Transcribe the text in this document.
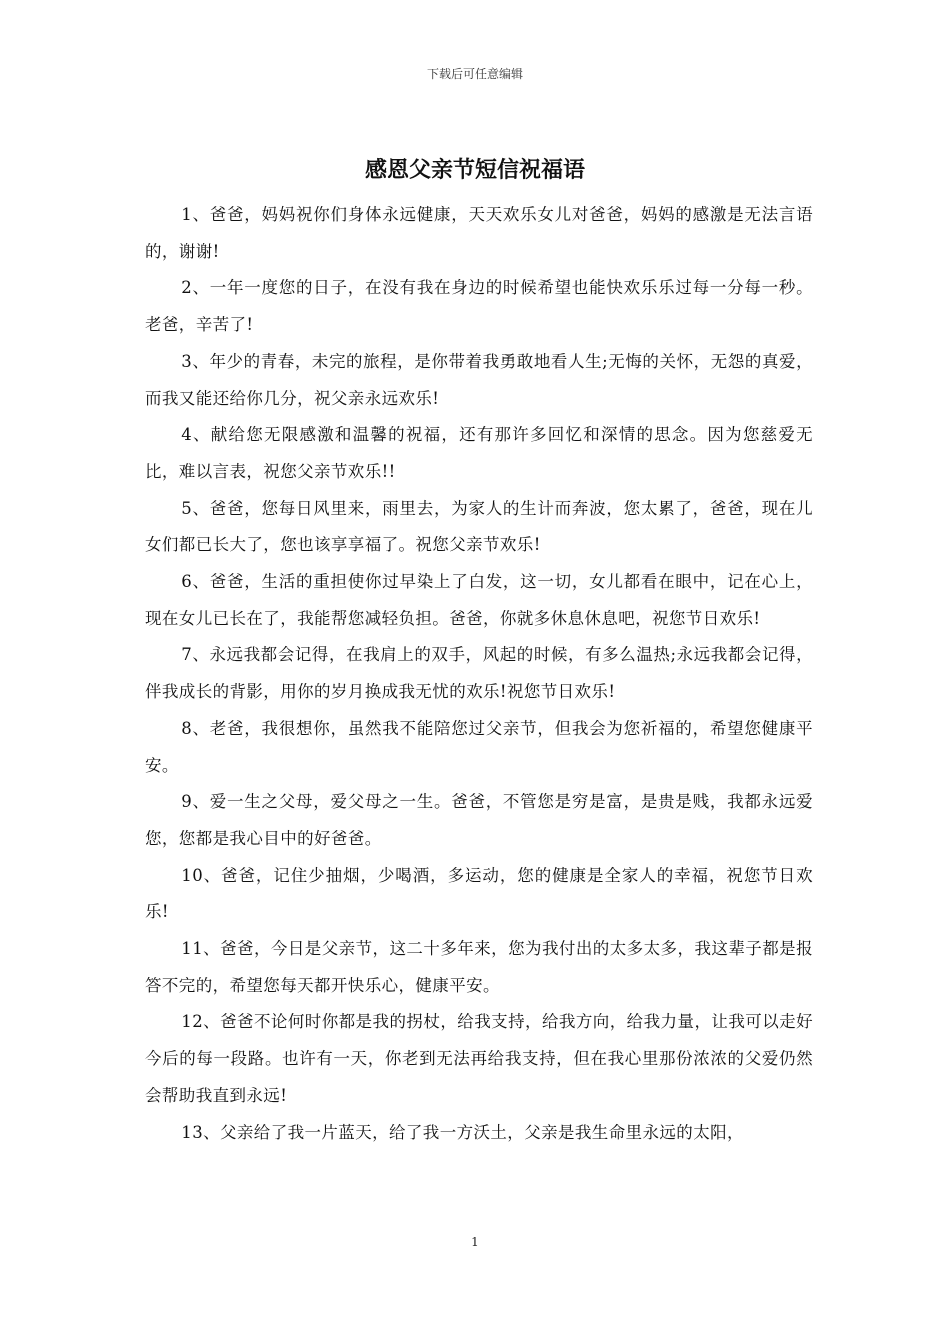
下载后可任意编辑
感恩父亲节短信祝福语

1、爸爸，妈妈祝你们身体永远健康，天天欢乐女儿对爸爸，妈妈的感激是无法言语的，谢谢!

2、一年一度您的日子，在没有我在身边的时候希望也能快欢乐乐过每一分每一秒。老爸，辛苦了!

3、年少的青春，未完的旅程，是你带着我勇敢地看人生;无悔的关怀，无怨的真爱，而我又能还给你几分，祝父亲永远欢乐!

4、献给您无限感激和温馨的祝福，还有那许多回忆和深情的思念。因为您慈爱无比，难以言表，祝您父亲节欢乐!!

5、爸爸，您每日风里来，雨里去，为家人的生计而奔波，您太累了，爸爸，现在儿女们都已长大了，您也该享享福了。祝您父亲节欢乐!

6、爸爸，生活的重担使你过早染上了白发，这一切，女儿都看在眼中，记在心上，现在女儿已长在了，我能帮您减轻负担。爸爸，你就多休息休息吧，祝您节日欢乐!

7、永远我都会记得，在我肩上的双手，风起的时候，有多么温热;永远我都会记得，伴我成长的背影，用你的岁月换成我无忧的欢乐!祝您节日欢乐!

8、老爸，我很想你，虽然我不能陪您过父亲节，但我会为您祈福的，希望您健康平安。

9、爱一生之父母，爱父母之一生。爸爸，不管您是穷是富，是贵是贱，我都永远爱您，您都是我心目中的好爸爸。

10、爸爸，记住少抽烟，少喝酒，多运动，您的健康是全家人的幸福，祝您节日欢乐!

11、爸爸，今日是父亲节，这二十多年来，您为我付出的太多太多，我这辈子都是报答不完的，希望您每天都开快乐心，健康平安。

12、爸爸不论何时你都是我的拐杖，给我支持，给我方向，给我力量，让我可以走好今后的每一段路。也许有一天，你老到无法再给我支持，但在我心里那份浓浓的父爱仍然会帮助我直到永远!

13、父亲给了我一片蓝天，给了我一方沃土，父亲是我生命里永远的太阳，

1
